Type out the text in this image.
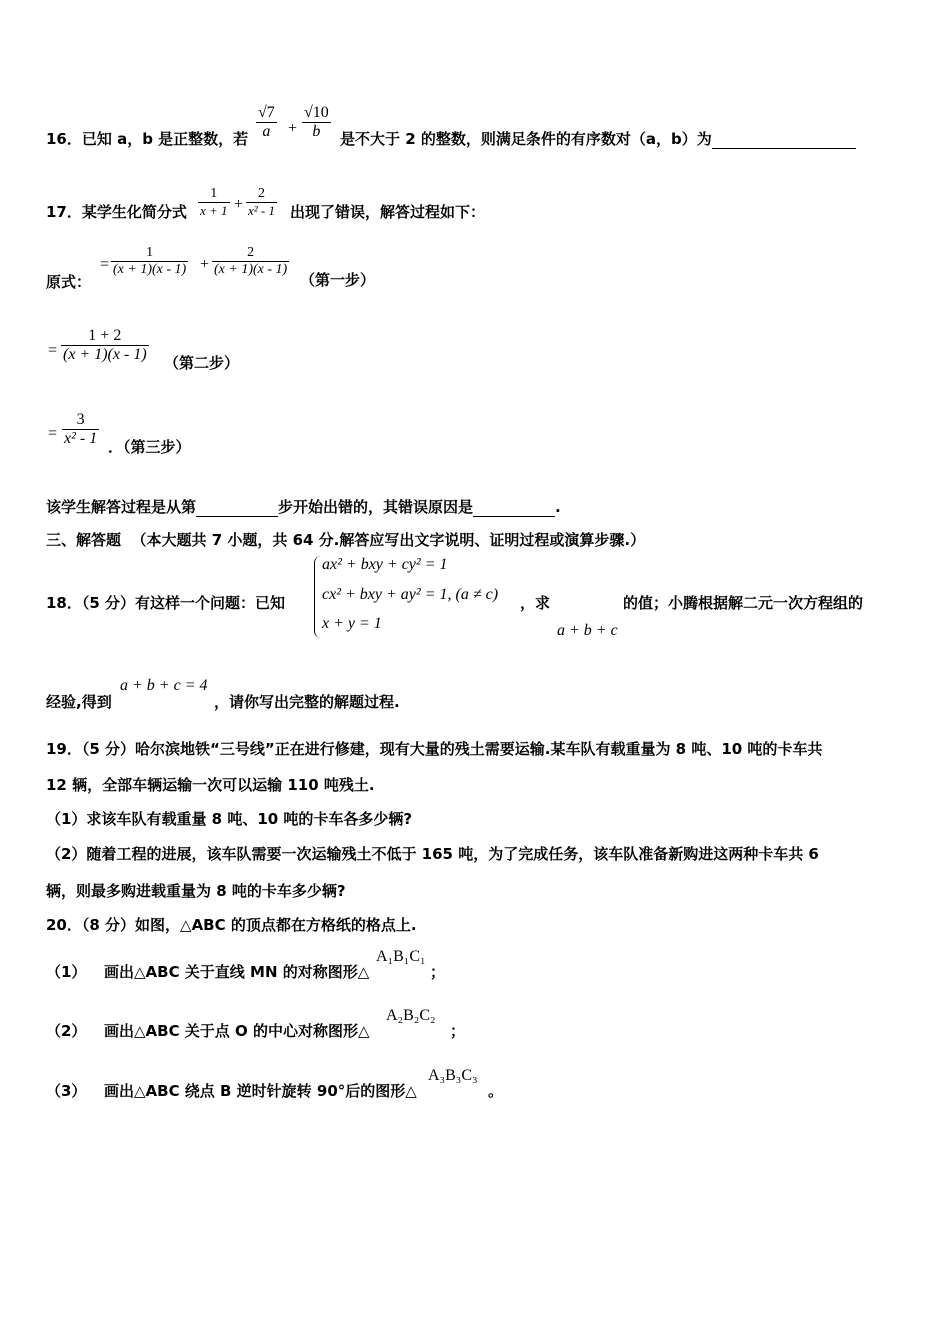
16．已知 a，b 是正整数，若 $\frac{√7}{a} + \frac{√10}{b}$ 是不大于 2 的整数，则满足条件的有序数对（a，b）为
17．某学生化简分式 $\frac{1}{x + 1} + \frac{2}{\text{x² - 1}}$ 出现了错误，解答过程如下：
原式：
= $\frac{1}{(x + 1)(x - 1)} + \frac{2}{(x + 1)(x - 1)}$
（第一步）
= $\frac{1 + 2}{(x + 1)(x - 1)}$ （第二步）
= $\frac{3}{\text{x² - 1}}$ ．（第三步）
该学生解答过程是从第	步开始出错的，其错误原因是	.
三、解答题 （本大题共 7 小题，共 64 分.解答应写出文字说明、证明过程或演算步骤.）
18．（5 分）有这样一个问题：已知
ax² + bxy + cy² = 1
cx² + bxy + ay² = 1, (a ≠ c)
x + y = 1
，求
a + b + c
的值；小腾根据解二元一次方程组的
经验,得到
a + b + c = 4
，请你写出完整的解题过程.
19．（5 分）哈尔滨地铁“三号线”正在进行修建，现有大量的残土需要运输.某车队有载重量为 8 吨、10 吨的卡车共
12 辆，全部车辆运输一次可以运输 110 吨残土.
（1）求该车队有载重量 8 吨、10 吨的卡车各多少辆?
（2）随着工程的进展，该车队需要一次运输残土不低于 165 吨，为了完成任务，该车队准备新购进这两种卡车共 6
辆，则最多购进载重量为 8 吨的卡车多少辆?
20．（8 分）如图，△ABC 的顶点都在方格纸的格点上.
（1） 画出△ABC 关于直线 MN 的对称图形△
A₁B₁C₁
；
（2） 画出△ABC 关于点 O 的中心对称图形△
A₂B₂C₂
；
（3） 画出△ABC 绕点 B 逆时针旋转 90°后的图形△
A₃B₃C₃
。
